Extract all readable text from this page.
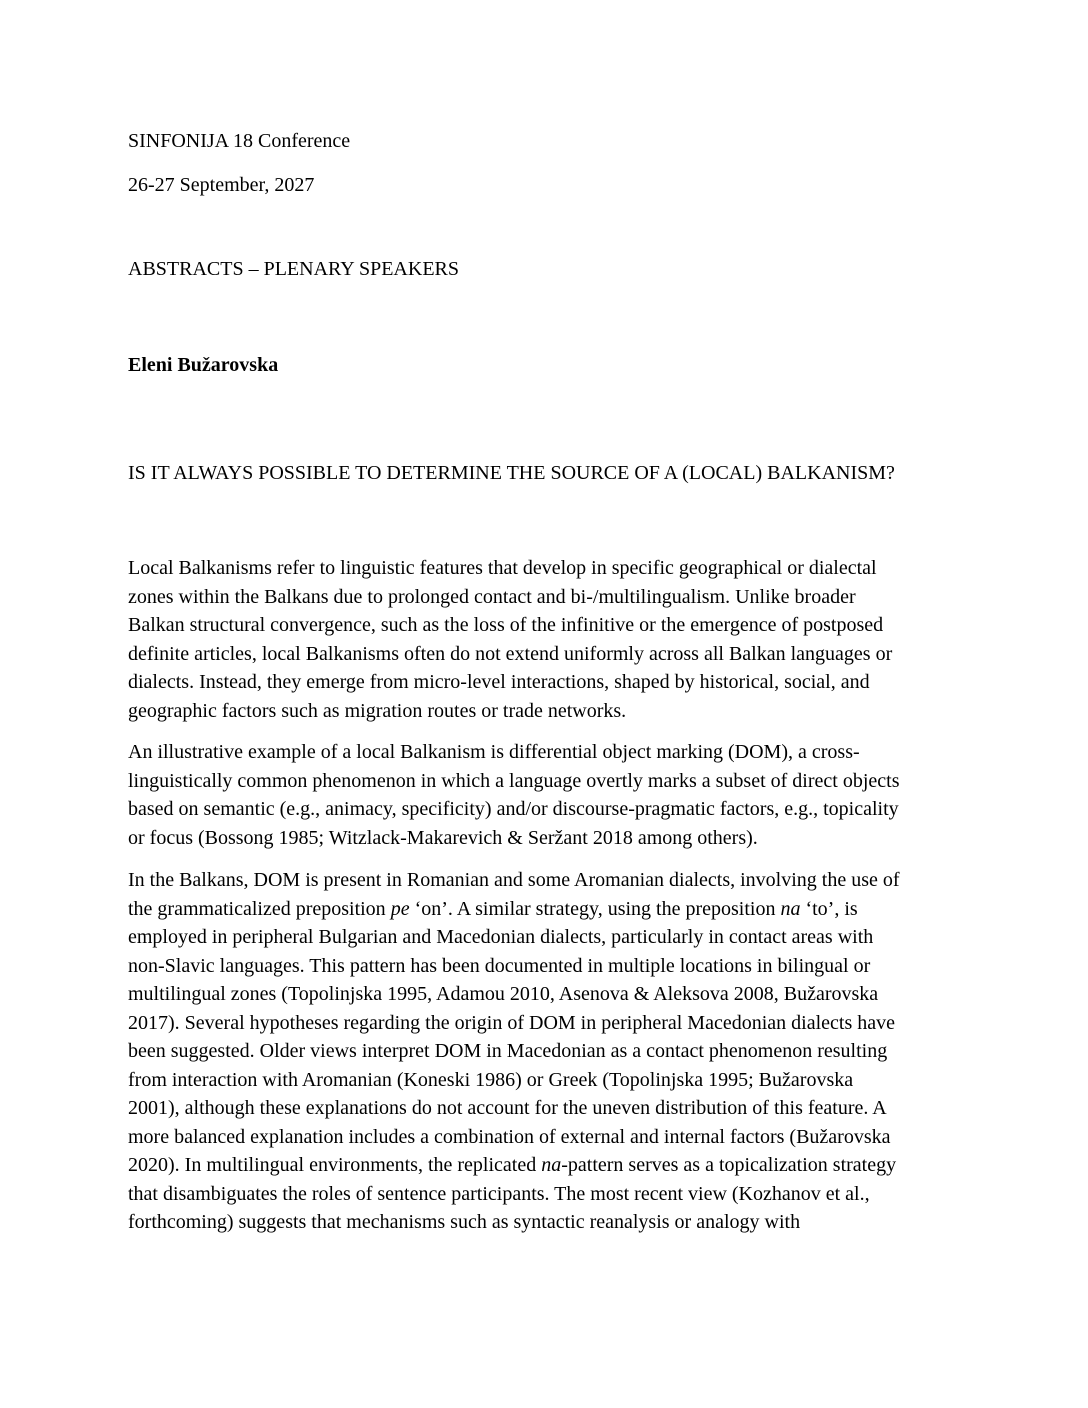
SINFONIJA 18 Conference
26-27 September, 2027
ABSTRACTS – PLENARY SPEAKERS
Eleni Bužarovska
IS IT ALWAYS POSSIBLE TO DETERMINE THE SOURCE OF A (LOCAL) BALKANISM?

Local Balkanisms refer to linguistic features that develop in specific geographical or dialectal
zones within the Balkans due to prolonged contact and bi-/multilingualism. Unlike broader
Balkan structural convergence, such as the loss of the infinitive or the emergence of postposed
definite articles, local Balkanisms often do not extend uniformly across all Balkan languages or
dialects. Instead, they emerge from micro-level interactions, shaped by historical, social, and
geographic factors such as migration routes or trade networks.

An illustrative example of a local Balkanism is differential object marking (DOM), a cross-
linguistically common phenomenon in which a language overtly marks a subset of direct objects
based on semantic (e.g., animacy, specificity) and/or discourse-pragmatic factors, e.g., topicality
or focus (Bossong 1985; Witzlack-Makarevich & Seržant 2018 among others).

In the Balkans, DOM is present in Romanian and some Aromanian dialects, involving the use of
the grammaticalized preposition pe ‘on’. A similar strategy, using the preposition na ‘to’, is
employed in peripheral Bulgarian and Macedonian dialects, particularly in contact areas with
non-Slavic languages. This pattern has been documented in multiple locations in bilingual or
multilingual zones (Topolinjska 1995, Adamou 2010, Asenova & Aleksova 2008, Bužarovska
2017). Several hypotheses regarding the origin of DOM in peripheral Macedonian dialects have
been suggested. Older views interpret DOM in Macedonian as a contact phenomenon resulting
from interaction with Aromanian (Koneski 1986) or Greek (Topolinjska 1995; Bužarovska
2001), although these explanations do not account for the uneven distribution of this feature. A
more balanced explanation includes a combination of external and internal factors (Bužarovska
2020). In multilingual environments, the replicated na-pattern serves as a topicalization strategy
that disambiguates the roles of sentence participants. The most recent view (Kozhanov et al.,
forthcoming) suggests that mechanisms such as syntactic reanalysis or analogy with
